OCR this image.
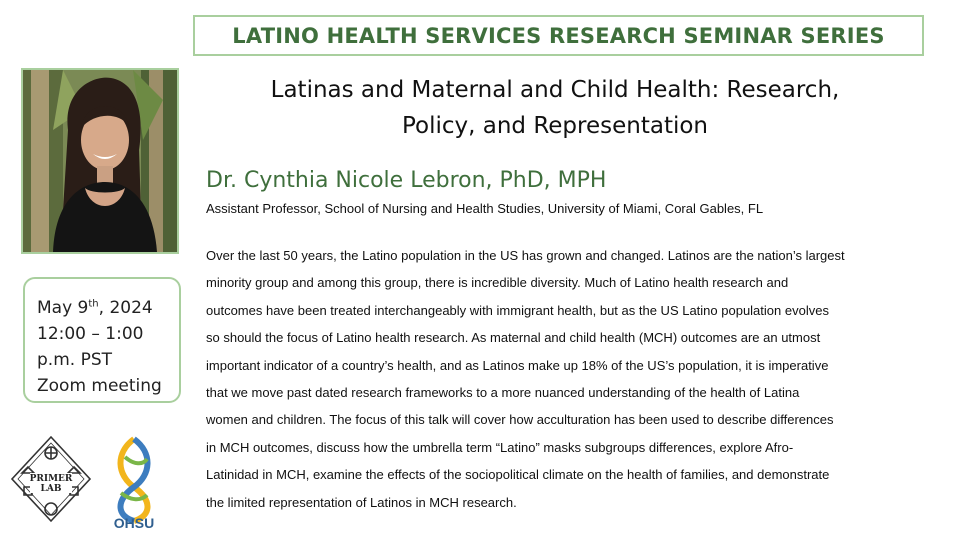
LATINO HEALTH SERVICES RESEARCH SEMINAR SERIES
Latinas and Maternal and Child Health: Research,
Policy, and Representation
Dr. Cynthia Nicole Lebron, PhD, MPH
Assistant Professor, School of Nursing and Health Studies, University of Miami, Coral Gables, FL
Over the last 50 years, the Latino population in the US has grown and changed. Latinos are the nation’s largest
minority group and among this group, there is incredible diversity. Much of Latino health research and
outcomes have been treated interchangeably with immigrant health, but as the US Latino population evolves
so should the focus of Latino health research. As maternal and child health (MCH) outcomes are an utmost
important indicator of a country’s health, and as Latinos make up 18% of the US’s population, it is imperative
that we move past dated research frameworks to a more nuanced understanding of the health of Latina
women and children. The focus of this talk will cover how acculturation has been used to describe differences
in MCH outcomes, discuss how the umbrella term “Latino” masks subgroups differences, explore Afro-
Latinidad in MCH, examine the effects of the sociopolitical climate on the health of families, and demonstrate
the limited representation of Latinos in MCH research.
May 9th, 2024
12:00 – 1:00
p.m. PST
Zoom meeting
PRIMER
LAB
OHSU
